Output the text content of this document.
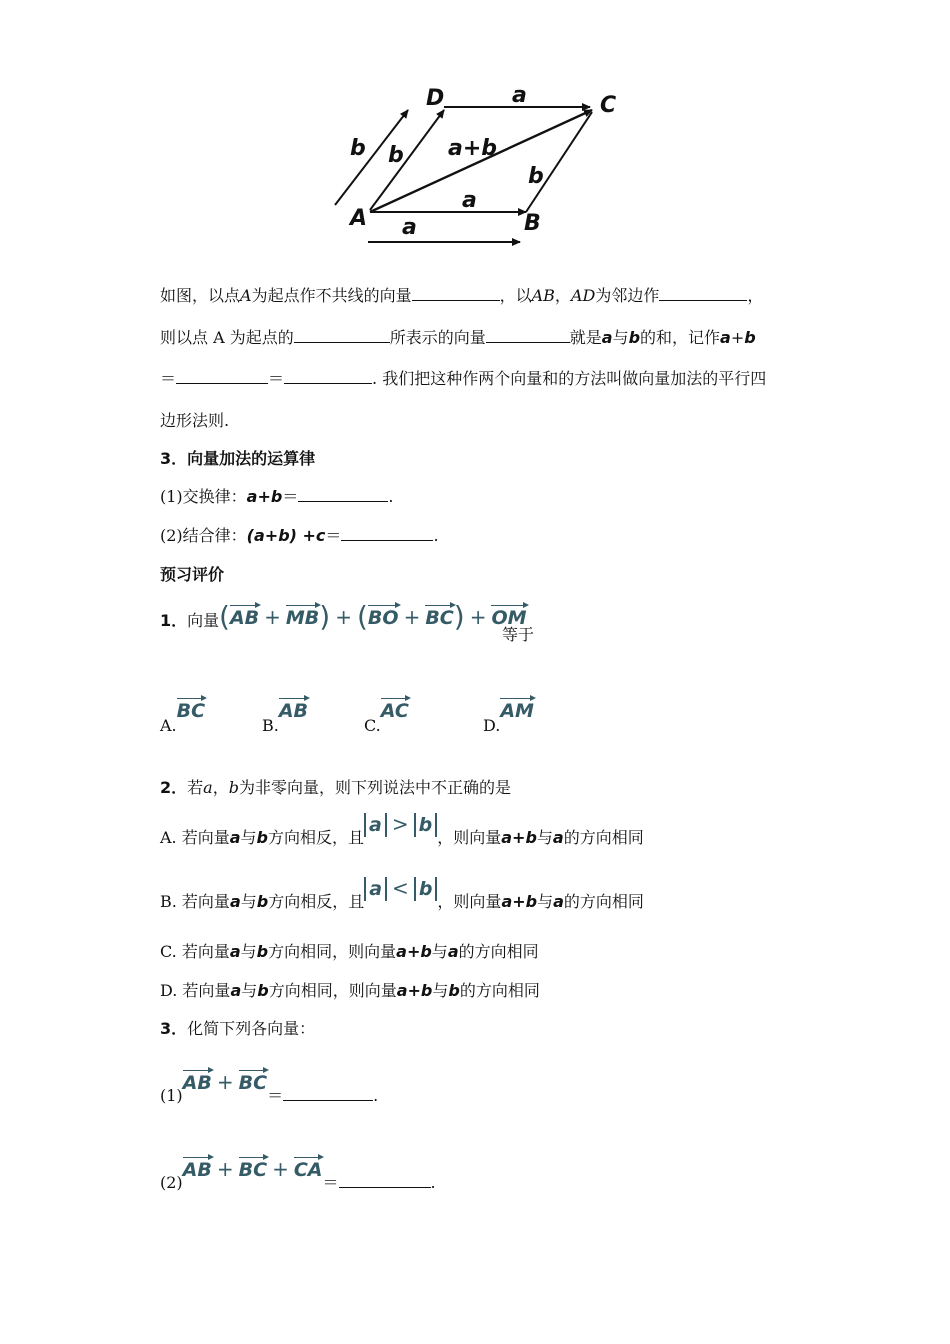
D	C
A	B
a
b b a+b
b
a
a
如图，以点A为起点作不共线的向量	，以AB，AD为邻边作	，
则以点 A 为起点的	所表示的向量	就是a与b的和，记作a+b
＝	＝	. 我们把这种作两个向量和的方法叫做向量加法的平行四
边形法则.
3．向量加法的运算律
(1)交换律：a+b＝	.
(2)结合律：(a+b) +c＝	.
预习评价
1．向量 (AB + MB) + (BO + BC) + OM
等于
A.BC
B.AB
C.AC
D.AM
2．若a，b为非零向量，则下列说法中不正确的是
A. 若向量a与b方向相反，且a > b，则向量a+b与a的方向相同
B. 若向量a与b方向相反，且a < b，则向量a+b与a的方向相同
C. 若向量a与b方向相同，则向量a+b与a的方向相同
D. 若向量a与b方向相同，则向量a+b与b的方向相同
3．化简下列各向量：
(1)AB + BC＝	.
(2)AB + BC + CA＝	.
